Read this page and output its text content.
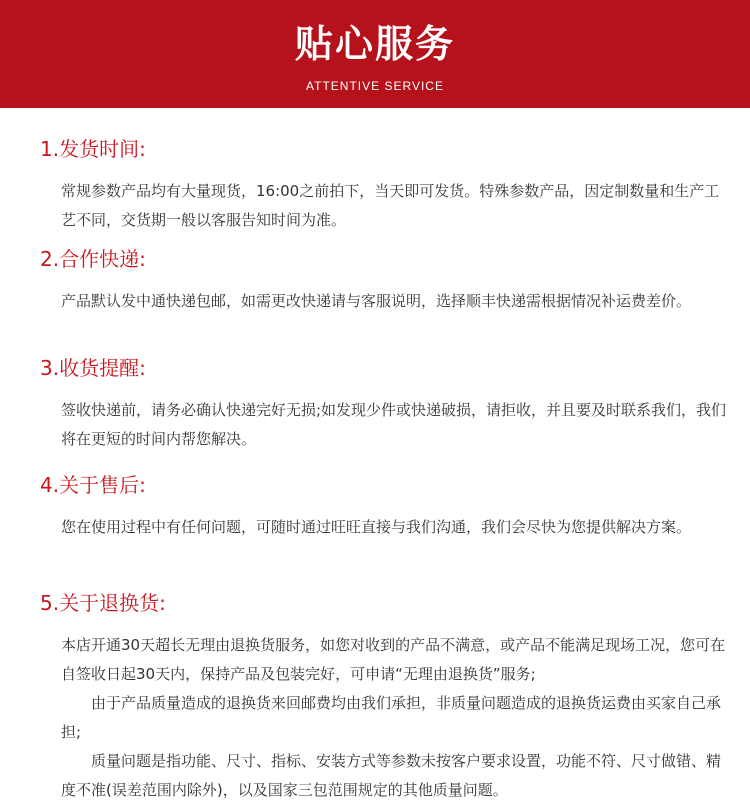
贴心服务
ATTENTIVE SERVICE
1.发货时间:

常规参数产品均有大量现货，16:00之前拍下，当天即可发货。特殊参数产品，因定制数量和生产工艺不同，交货期一般以客服告知时间为准。

2.合作快递:

产品默认发中通快递包邮，如需更改快递请与客服说明，选择顺丰快递需根据情况补运费差价。

3.收货提醒:

签收快递前，请务必确认快递完好无损;如发现少件或快递破损，请拒收，并且要及时联系我们，我们将在更短的时间内帮您解决。

4.关于售后:

您在使用过程中有任何问题，可随时通过旺旺直接与我们沟通，我们会尽快为您提供解决方案。

5.关于退换货:

本店开通30天超长无理由退换货服务，如您对收到的产品不满意，或产品不能满足现场工况，您可在自签收日起30天内，保持产品及包装完好，可申请“无理由退换货”服务;

由于产品质量造成的退换货来回邮费均由我们承担，非质量问题造成的退换货运费由买家自己承担;

质量问题是指功能、尺寸、指标、安装方式等参数未按客户要求设置，功能不符、尺寸做错、精度不准(误差范围内除外)，以及国家三包范围规定的其他质量问题。
